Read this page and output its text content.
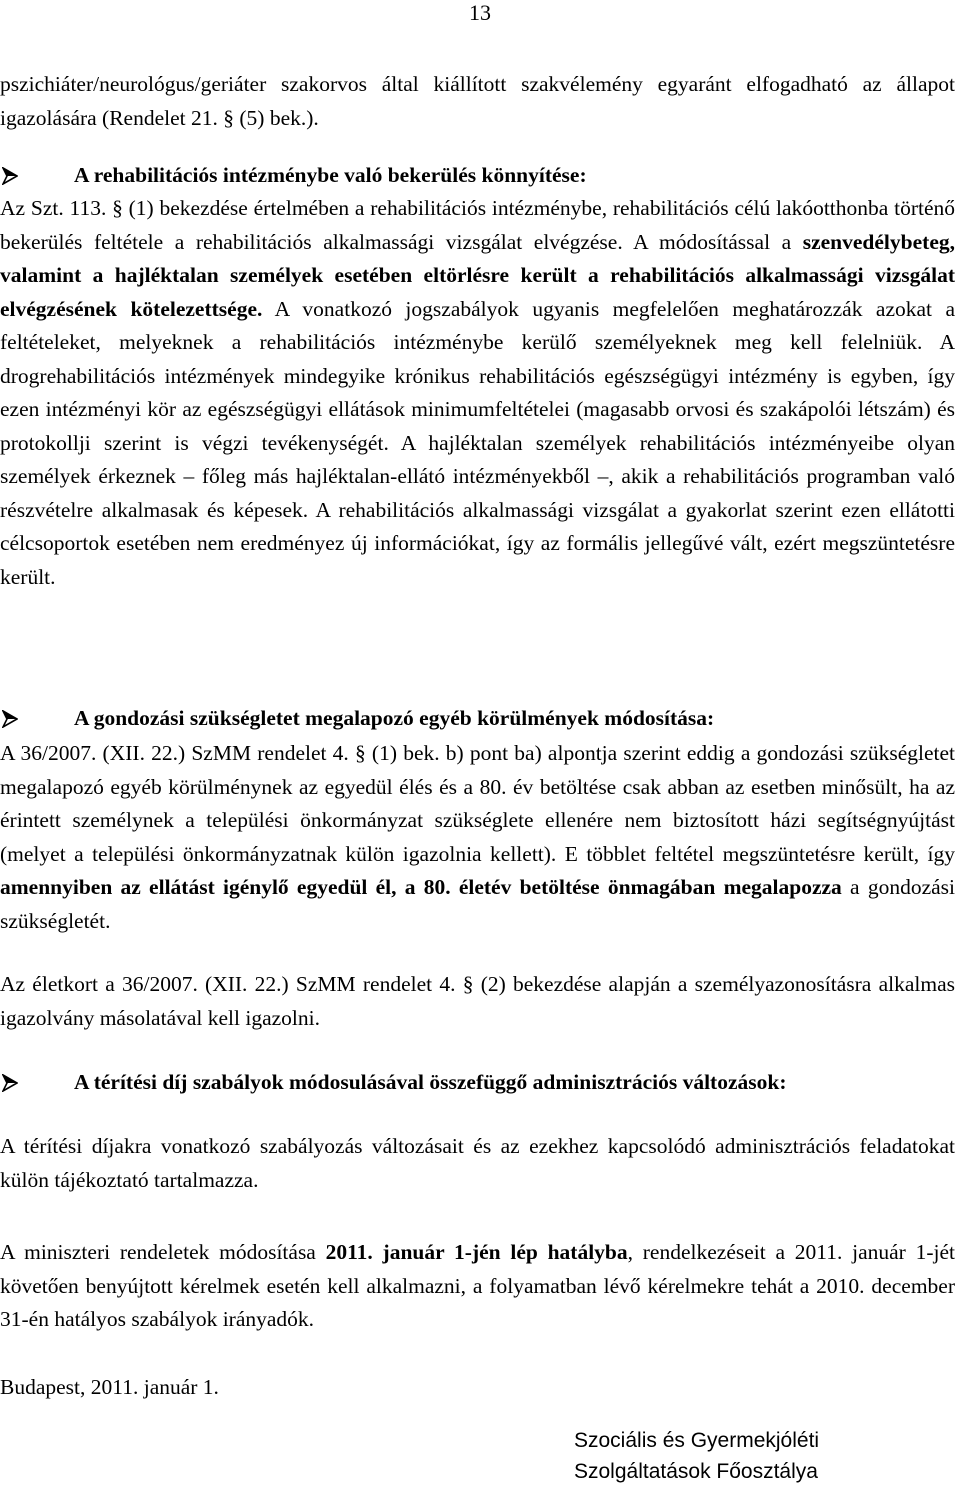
13

pszichiáter/neurológus/geriáter szakorvos által kiállított szakvélemény egyaránt elfogadható az állapot igazolására (Rendelet 21. § (5) bek.).

A rehabilitációs intézménybe való bekerülés könnyítése:

Az Szt. 113. § (1) bekezdése értelmében a rehabilitációs intézménybe, rehabilitációs célú lakóotthonba történő bekerülés feltétele a rehabilitációs alkalmassági vizsgálat elvégzése. A módosítással a szenvedélybeteg, valamint a hajléktalan személyek esetében eltörlésre került a rehabilitációs alkalmassági vizsgálat elvégzésének kötelezettsége. A vonatkozó jogszabályok ugyanis megfelelően meghatározzák azokat a feltételeket, melyeknek a rehabilitációs intézménybe kerülő személyeknek meg kell felelniük. A drogrehabilitációs intézmények mindegyike krónikus rehabilitációs egészségügyi intézmény is egyben, így ezen intézményi kör az egészségügyi ellátások minimumfeltételei (magasabb orvosi és szakápolói létszám) és protokollji szerint is végzi tevékenységét. A hajléktalan személyek rehabilitációs intézményeibe olyan személyek érkeznek – főleg más hajléktalan-ellátó intézményekből –, akik a rehabilitációs programban való részvételre alkalmasak és képesek. A rehabilitációs alkalmassági vizsgálat a gyakorlat szerint ezen ellátotti célcsoportok esetében nem eredményez új információkat, így az formális jellegűvé vált, ezért megszüntetésre került.

A gondozási szükségletet megalapozó egyéb körülmények módosítása:

A 36/2007. (XII. 22.) SzMM rendelet 4. § (1) bek. b) pont ba) alpontja szerint eddig a gondozási szükségletet megalapozó egyéb körülménynek az egyedül élés és a 80. év betöltése csak abban az esetben minősült, ha az érintett személynek a települési önkormányzat szükséglete ellenére nem biztosított házi segítségnyújtást (melyet a települési önkormányzatnak külön igazolnia kellett). E többlet feltétel megszüntetésre került, így amennyiben az ellátást igénylő egyedül él, a 80. életév betöltése önmagában megalapozza a gondozási szükségletét.

Az életkort a 36/2007. (XII. 22.) SzMM rendelet 4. § (2) bekezdése alapján a személyazonosításra alkalmas igazolvány másolatával kell igazolni.

A térítési díj szabályok módosulásával összefüggő adminisztrációs változások:

A térítési díjakra vonatkozó szabályozás változásait és az ezekhez kapcsolódó adminisztrációs feladatokat külön tájékoztató tartalmazza.

A miniszteri rendeletek módosítása 2011. január 1-jén lép hatályba, rendelkezéseit a 2011. január 1-jét követően benyújtott kérelmek esetén kell alkalmazni, a folyamatban lévő kérelmekre tehát a 2010. december 31-én hatályos szabályok irányadók.

Budapest, 2011. január 1.

Szociális és Gyermekjóléti
Szolgáltatások Főosztálya
